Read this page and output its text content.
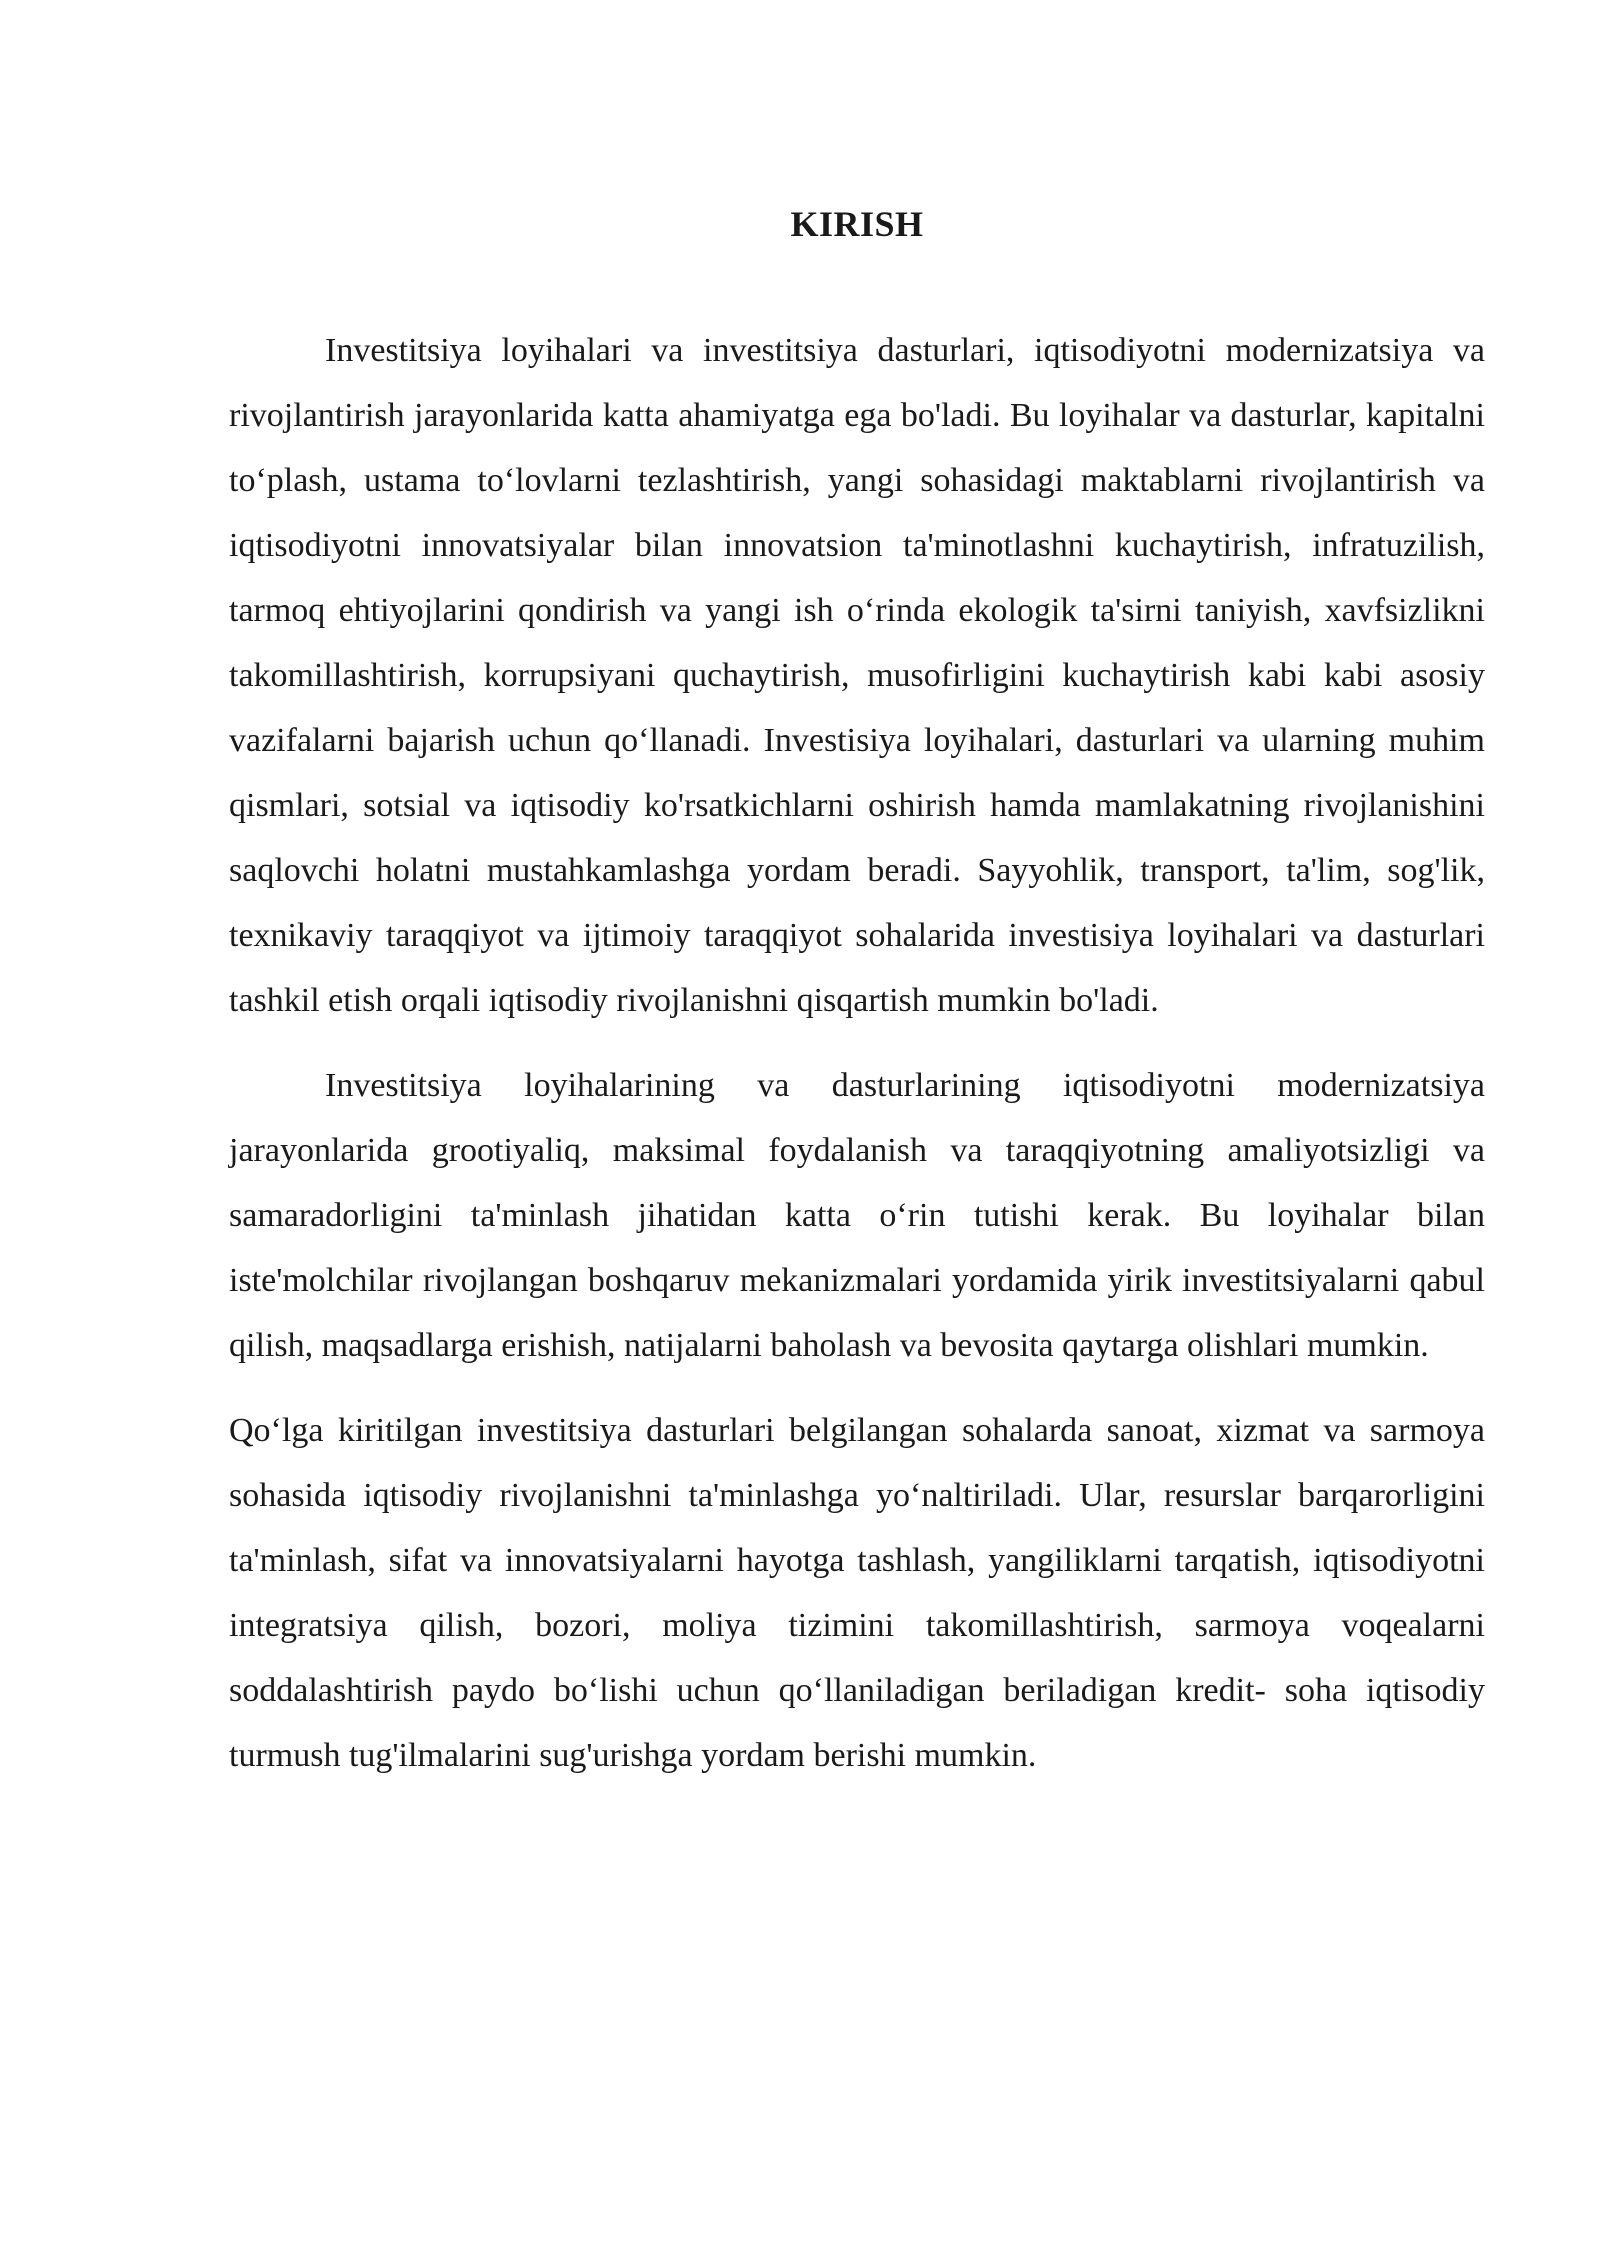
KIRISH

Investitsiya loyihalari va investitsiya dasturlari, iqtisodiyotni modernizatsiya va rivojlantirish jarayonlarida katta ahamiyatga ega bo'ladi. Bu loyihalar va dasturlar, kapitalni to‘plash, ustama to‘lovlarni tezlashtirish, yangi sohasidagi maktablarni rivojlantirish va iqtisodiyotni innovatsiyalar bilan innovatsion ta'minotlashni kuchaytirish, infratuzilish, tarmoq ehtiyojlarini qondirish va yangi ish o‘rinda ekologik ta'sirni taniyish, xavfsizlikni takomillashtirish, korrupsiyani quchaytirish, musofirligini kuchaytirish kabi kabi asosiy vazifalarni bajarish uchun qo‘llanadi. Investisiya loyihalari, dasturlari va ularning muhim qismlari, sotsial va iqtisodiy ko'rsatkichlarni oshirish hamda mamlakatning rivojlanishini saqlovchi holatni mustahkamlashga yordam beradi. Sayyohlik, transport, ta'lim, sog'lik, texnikaviy taraqqiyot va ijtimoiy taraqqiyot sohalarida investisiya loyihalari va dasturlari tashkil etish orqali iqtisodiy rivojlanishni qisqartish mumkin bo'ladi.

Investitsiya loyihalarining va dasturlarining iqtisodiyotni modernizatsiya jarayonlarida grootiyaliq, maksimal foydalanish va taraqqiyotning amaliyotsizligi va samaradorligini ta'minlash jihatidan katta o‘rin tutishi kerak. Bu loyihalar bilan iste'molchilar rivojlangan boshqaruv mekanizmalari yordamida yirik investitsiyalarni qabul qilish, maqsadlarga erishish, natijalarni baholash va bevosita qaytarga olishlari mumkin.

Qo‘lga kiritilgan investitsiya dasturlari belgilangan sohalarda sanoat, xizmat va sarmoya sohasida iqtisodiy rivojlanishni ta'minlashga yo‘naltiriladi. Ular, resurslar barqarorligini ta'minlash, sifat va innovatsiyalarni hayotga tashlash, yangiliklarni tarqatish, iqtisodiyotni integratsiya qilish, bozori, moliya tizimini takomillashtirish, sarmoya voqealarni soddalashtirish paydo bo‘lishi uchun qo‘llaniladigan beriladigan kredit- soha iqtisodiy turmush tug'ilmalarini sug'urishga yordam berishi mumkin.
